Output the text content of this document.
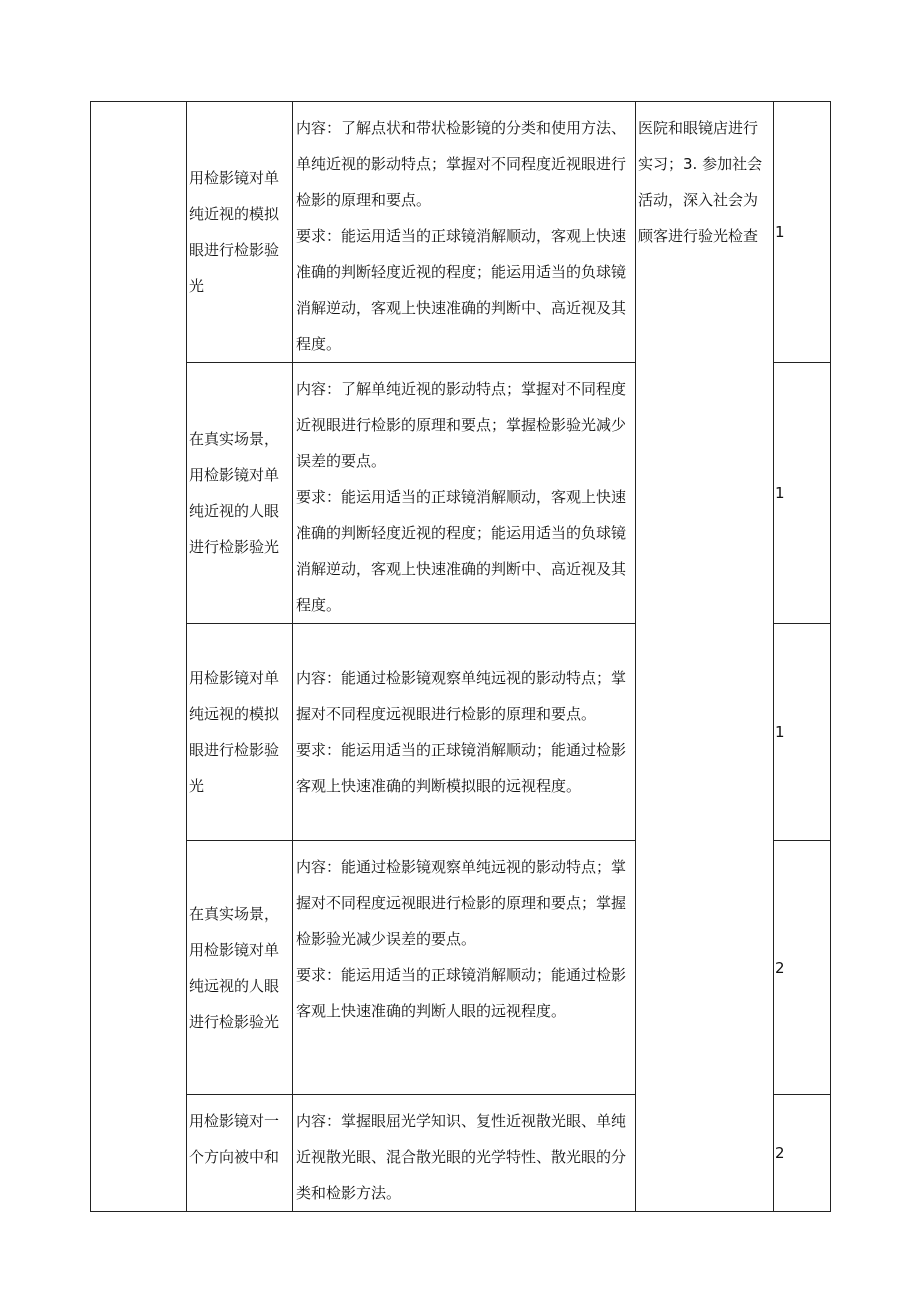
	用检影镜对单纯近视的模拟眼进行检影验光	内容：了解点状和带状检影镜的分类和使用方法、单纯近视的影动特点；掌握对不同程度近视眼进行检影的原理和要点。

要求：能运用适当的正球镜消解顺动，客观上快速准确的判断轻度近视的程度；能运用适当的负球镜消解逆动，客观上快速准确的判断中、高近视及其程度。	医院和眼镜店进行实习；3. 参加社会活动，深入社会为顾客进行验光检查	1

	在真实场景，用检影镜对单纯近视的人眼进行检影验光	内容：了解单纯近视的影动特点；掌握对不同程度近视眼进行检影的原理和要点；掌握检影验光减少误差的要点。

要求：能运用适当的正球镜消解顺动，客观上快速准确的判断轻度近视的程度；能运用适当的负球镜消解逆动，客观上快速准确的判断中、高近视及其程度。		1

	用检影镜对单纯远视的模拟眼进行检影验光	内容：能通过检影镜观察单纯远视的影动特点；掌握对不同程度远视眼进行检影的原理和要点。

要求：能运用适当的正球镜消解顺动；能通过检影客观上快速准确的判断模拟眼的远视程度。		1

	在真实场景，用检影镜对单纯远视的人眼进行检影验光	内容：能通过检影镜观察单纯远视的影动特点；掌握对不同程度远视眼进行检影的原理和要点；掌握检影验光减少误差的要点。

要求：能运用适当的正球镜消解顺动；能通过检影客观上快速准确的判断人眼的远视程度。		2

	用检影镜对一个方向被中和	内容：掌握眼屈光学知识、复性近视散光眼、单纯近视散光眼、混合散光眼的光学特性、散光眼的分类和检影方法。		2
